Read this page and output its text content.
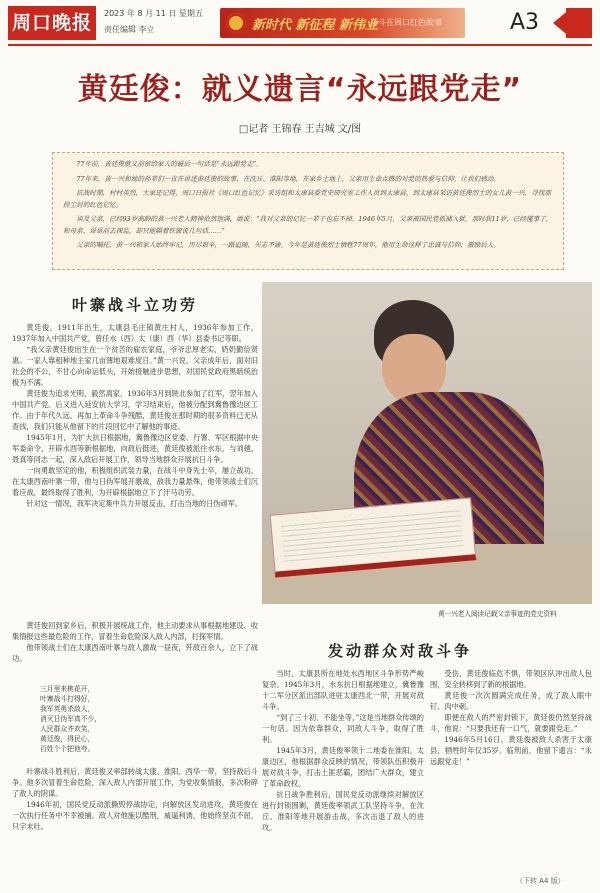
周口晚报	2023 年 8 月 11 日 星期五
责任编辑 李立	新时代 新征程 新伟业
奋斗在周口红色故事	A3
黄廷俊：就义遗言“永远跟党走”
□记者 王锦春 王吉城 文/图

77年前，黄廷俊就义前留给家人的最后一句话是“永远跟党走”。

77年来，黄一兴和她的孙辈们一直在讲述黄廷俊的故事，在沈丘、淮阳等地，在家乡土地上，父亲用生命点燃的对党的热爱与信仰，让我们感动。

抗战时期，村村英烈，大家还记得，周口日报社《周口红色记忆》采访组和太康县委党史研究室工作人员到太康县，到太康县采访黄廷俊烈士的女儿黄一兴，寻找那段尘封的红色记忆。

谈及父亲，已经93岁高龄的黄一兴老人精神依然饱满，她说：“我对父亲的记忆一辈子也忘不掉。1946年5月，父亲被国民党抓捕入狱，那时我11岁，已经懂事了，和母亲、哥哥前去探监，却只能隔着铁窗说几句话……”

父亲的嘱托，黄一兴和家人始终牢记，历尽艰辛，一路追随，矢志不渝。今年是黄廷俊烈士牺牲77周年，他用生命诠释了忠诚与信仰，激励后人。

叶寨战斗立功劳

黄廷俊，1911年出生，太康县毛庄镇黄庄村人，1936年参加工作，1937年加入中国共产党，曾任水（西）太（康）西（华）县委书记等职。

“我父亲黄廷俊出生在一个贫苦的雇农家庭，爷爷忠厚老实，奶奶勤俭贤惠。一家人靠租种地主家几亩薄地艰难度日。”黄一兴说，父亲成年后，面对旧社会的不公，不甘心向命运低头，开始接触进步思想，对国民党政府黑暗统治极为不满。

黄廷俊为追求光明，毅然离家，1936年3月到陕北参加了红军，翌年加入中国共产党。后又进入延安抗大学习，学习结束后，他被分配到冀鲁豫边区工作。由于年代久远，再加上革命斗争残酷，黄廷俊在那时期的很多资料已无从查找，我们只能从他留下的片段回忆中了解他的事迹。

1945年1月，为扩大抗日根据地，冀鲁豫边区党委、行署、军区根据中央军委命令，开辟水西等新根据地，向敌后挺进，黄廷俊被派往水东，与刘越、聂真等同志一起，深入敌后开展工作，领导当地群众开展抗日斗争。

一向勇敢坚定的他，积极组织武装力量，在战斗中身先士卒，屡立战功。在太康西南叶寨一带，他与日伪军展开激战，敌我力量悬殊，他带领战士们沉着应战，最终取得了胜利，为开辟根据地立下了汗马功劳。

针对这一情况，我军决定集中兵力开展反击，打击当地的日伪顽军。

黄廷俊回到家乡后，积极开展统战工作，他主动要求从事根据地建设、收集情报这些最危险的工作，冒着生命危险深入敌人内部，打探军情。

他带领战士们在太康西南叶寨与敌人激战一昼夜，歼敌百余人，立下了战功。

三月里来桃花开，

叶寨战斗打得好，

我军英勇杀敌人，

消灭日伪军真不少，

人民群众齐欢笑，

黄廷俊，得民心，

百姓个个把他夸。

叶寨战斗胜利后，黄廷俊又率部转战太康、淮阳、西华一带，坚持敌后斗争。他多次冒着生命危险，深入敌人内部开展工作，为党收集情报，多次粉碎了敌人的阴谋。

1946年初，国民党反动派撕毁停战协定，向解放区发动进攻，黄廷俊在一次执行任务中不幸被捕。敌人对他施以酷刑，威逼利诱，他始终坚贞不屈，只字未吐。

黄一兴老人阅读记载父亲事迹的党史资料
发动群众对敌斗争

当时，太康县所在地处水西地区斗争形势严峻复杂。1945年3月，水东抗日根据地建立，冀鲁豫十二军分区派出部队进驻太康西北一带，开展对敌斗争。

“到了三十初，不能坐等，”这是当地群众传颂的一句话。因为依靠群众，同敌人斗争，取得了胜利。

1945年3月，黄廷俊率领十二地委在淮阳、太康边区，他根据群众反映的情况，带领队伍积极开展对敌斗争，打击土匪恶霸，团结广大群众，建立了革命政权。

抗日战争胜利后，国民党反动派继续对解放区进行封锁围剿，黄廷俊率领武工队坚持斗争，在沈丘、淮阳等地开展游击战，多次击退了敌人的进攻。

受伤，黄廷俊临危不惧，带领区队冲出敌人包围，安全转移到了新的根据地。

黄廷俊一次次圆满完成任务，成了敌人眼中钉、肉中刺。

即便在敌人的严密封锁下，黄廷俊仍然坚持战斗，他说：“只要我还有一口气，就要跟党走。”

1946年5月16日，黄廷俊被敌人杀害于太康县，牺牲时年仅35岁。临刑前，他留下遗言：“永远跟党走！”

（下转 A4 版）
